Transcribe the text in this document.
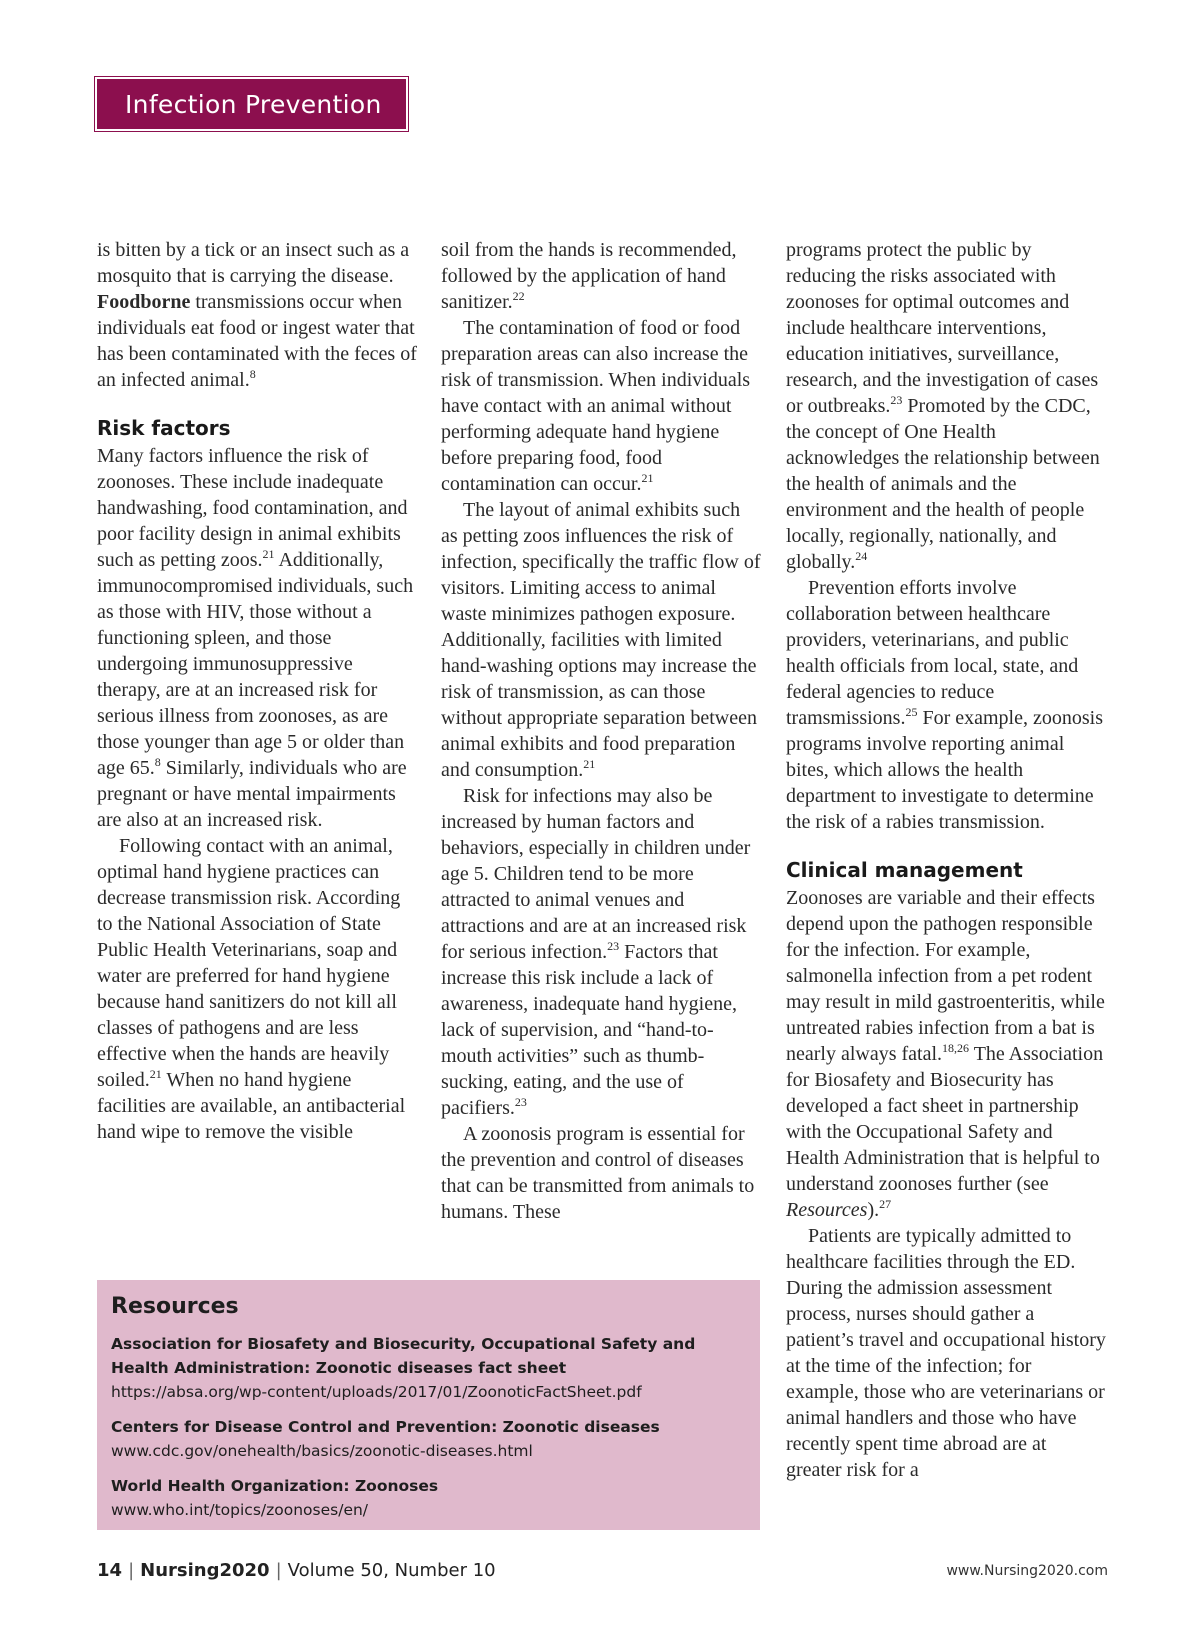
Infection Prevention

is bitten by a tick or an insect such as a mosquito that is carrying the disease. Foodborne transmissions occur when individuals eat food or ingest water that has been contaminated with the feces of an infected animal.$^8$

Risk factors

Many factors influence the risk of zoonoses. These include inadequate handwashing, food contamination, and poor facility design in animal exhibits such as petting zoos.$^{21}$ Additionally, immunocompromised individuals, such as those with HIV, those without a functioning spleen, and those undergoing immunosuppressive therapy, are at an increased risk for serious illness from zoonoses, as are those younger than age 5 or older than age 65.$^8$ Similarly, individuals who are pregnant or have mental impairments are also at an increased risk.

Following contact with an animal, optimal hand hygiene practices can decrease transmission risk. According to the National Association of State Public Health Veterinarians, soap and water are preferred for hand hygiene because hand sanitizers do not kill all classes of pathogens and are less effective when the hands are heavily soiled.$^{21}$ When no hand hygiene facilities are available, an antibacterial hand wipe to remove the visible

soil from the hands is recommended, followed by the application of hand sanitizer.$^{22}$

The contamination of food or food preparation areas can also increase the risk of transmission. When individuals have contact with an animal without performing adequate hand hygiene before preparing food, food contamination can occur.$^{21}$

The layout of animal exhibits such as petting zoos influences the risk of infection, specifically the traffic flow of visitors. Limiting access to animal waste minimizes pathogen exposure. Additionally, facilities with limited hand-washing options may increase the risk of transmission, as can those without appropriate separation between animal exhibits and food preparation and consumption.$^{21}$

Risk for infections may also be increased by human factors and behaviors, especially in children under age 5. Children tend to be more attracted to animal venues and attractions and are at an increased risk for serious infection.$^{23}$ Factors that increase this risk include a lack of awareness, inadequate hand hygiene, lack of supervision, and “hand-to-mouth activities” such as thumb-sucking, eating, and the use of pacifiers.$^{23}$

A zoonosis program is essential for the prevention and control of diseases that can be transmitted from animals to humans. These

programs protect the public by reducing the risks associated with zoonoses for optimal outcomes and include healthcare interventions, education initiatives, surveillance, research, and the investigation of cases or outbreaks.$^{23}$ Promoted by the CDC, the concept of One Health acknowledges the relationship between the health of animals and the environment and the health of people locally, regionally, nationally, and globally.$^{24}$

Prevention efforts involve collaboration between healthcare providers, veterinarians, and public health officials from local, state, and federal agencies to reduce tramsmissions.$^{25}$ For example, zoonosis programs involve reporting animal bites, which allows the health department to investigate to determine the risk of a rabies transmission.

Clinical management

Zoonoses are variable and their effects depend upon the pathogen responsible for the infection. For example, salmonella infection from a pet rodent may result in mild gastroenteritis, while untreated rabies infection from a bat is nearly always fatal.$^{18,26}$ The Association for Biosafety and Biosecurity has developed a fact sheet in partnership with the Occupational Safety and Health Administration that is helpful to understand zoonoses further (see Resources).$^{27}$

Patients are typically admitted to healthcare facilities through the ED. During the admission assessment process, nurses should gather a patient’s travel and occupational history at the time of the infection; for example, those who are veterinarians or animal handlers and those who have recently spent time abroad are at greater risk for a

Resources
Association for Biosafety and Biosecurity, Occupational Safety and Health Administration: Zoonotic diseases fact sheet
https://absa.org/wp-content/uploads/2017/01/ZoonoticFactSheet.pdf
Centers for Disease Control and Prevention: Zoonotic diseases
www.cdc.gov/onehealth/basics/zoonotic-diseases.html
World Health Organization: Zoonoses
www.who.int/topics/zoonoses/en/
14 | Nursing2020 | Volume 50, Number 10	www.Nursing2020.com
